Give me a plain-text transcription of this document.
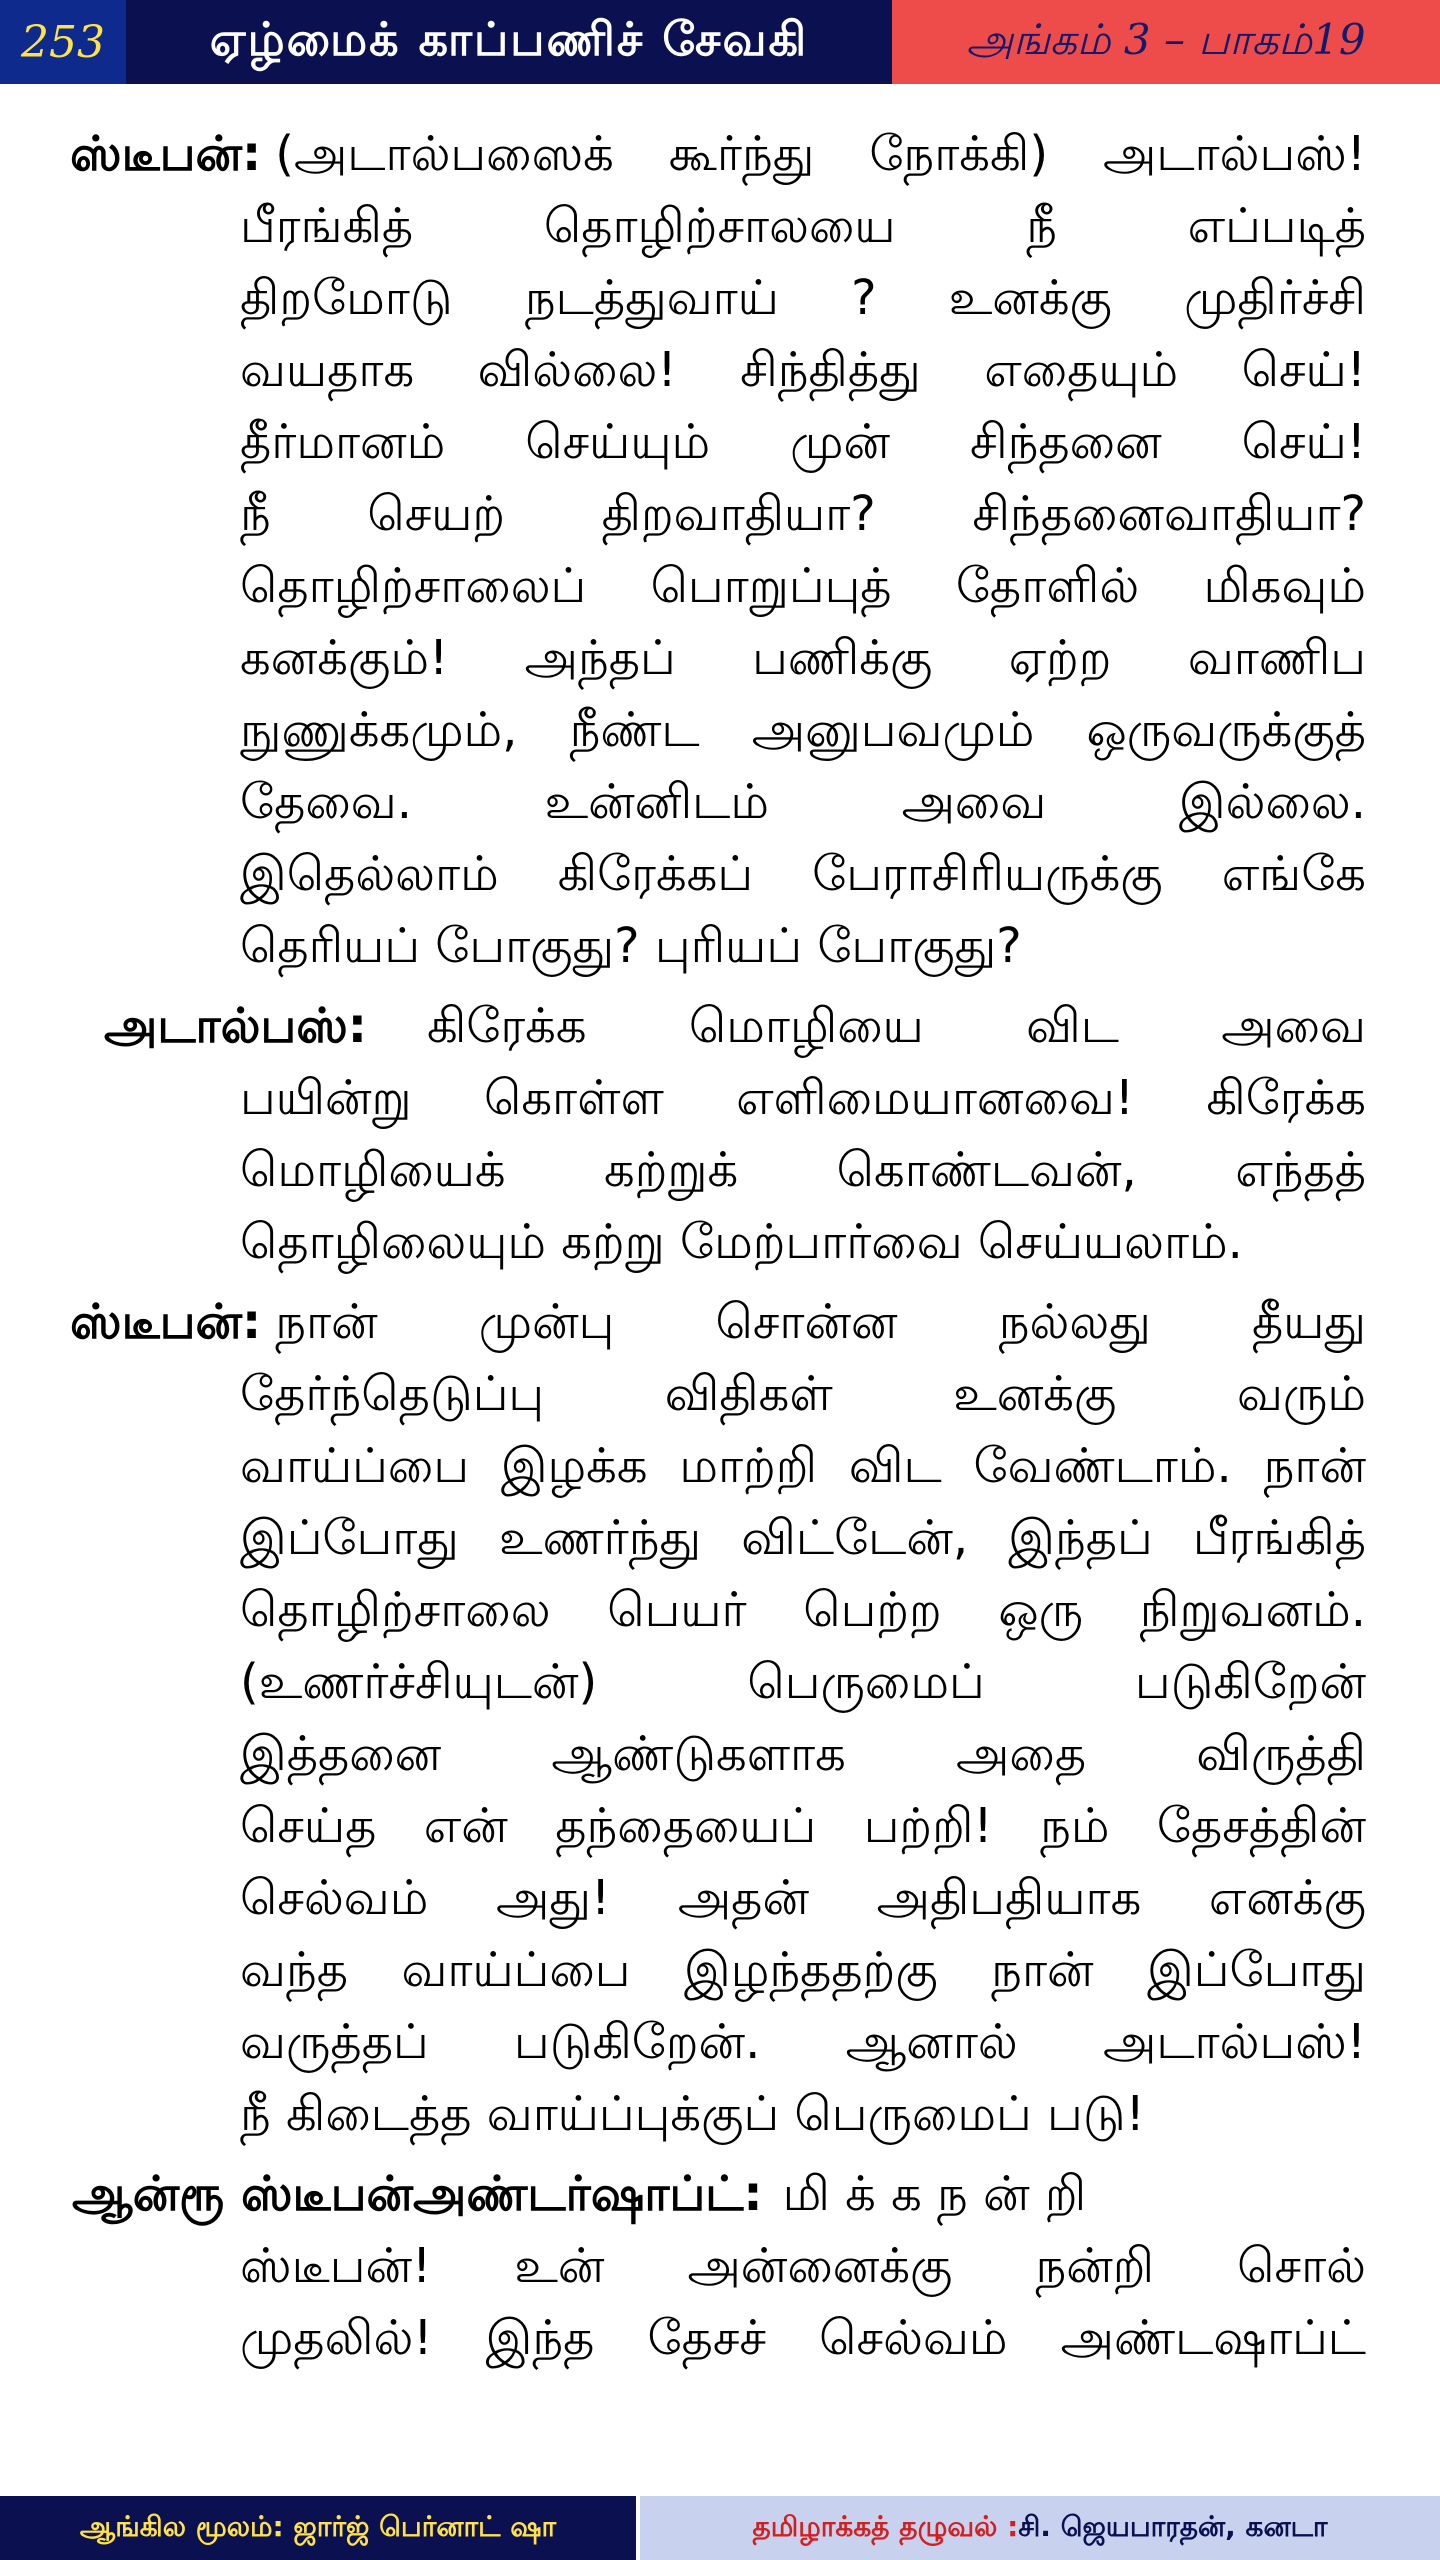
253	ஏழ்மைக் காப்பணிச் சேவகி	அங்கம் 3 – பாகம்19
ஸ்டீபன்: (அடால்பஸைக் கூர்ந்து நோக்கி) அடால்பஸ்!
பீரங்கித் தொழிற்சாலயை நீ எப்படித்
திறமோடு நடத்துவாய் ? உனக்கு முதிர்ச்சி
வயதாக வில்லை! சிந்தித்து எதையும் செய்!
தீர்மானம் செய்யும் முன் சிந்தனை செய்!
நீ செயற் திறவாதியா? சிந்தனைவாதியா?
தொழிற்சாலைப் பொறுப்புத் தோளில் மிகவும்
கனக்கும்! அந்தப் பணிக்கு ஏற்ற வாணிப
நுணுக்கமும், நீண்ட அனுபவமும் ஒருவருக்குத்
தேவை. உன்னிடம் அவை இல்லை.
இதெல்லாம் கிரேக்கப் பேராசிரியருக்கு எங்கே
தெரியப் போகுது? புரியப் போகுது?
அடால்பஸ்: கிரேக்க மொழியை விட அவை
பயின்று கொள்ள எளிமையானவை! கிரேக்க
மொழியைக் கற்றுக் கொண்டவன், எந்தத்
தொழிலையும் கற்று மேற்பார்வை செய்யலாம்.
ஸ்டீபன்: நான் முன்பு சொன்ன நல்லது தீயது
தேர்ந்தெடுப்பு விதிகள் உனக்கு வரும்
வாய்ப்பை இழக்க மாற்றி விட வேண்டாம். நான்
இப்போது உணர்ந்து விட்டேன், இந்தப் பீரங்கித்
தொழிற்சாலை பெயர் பெற்ற ஒரு நிறுவனம்.
(உணர்ச்சியுடன்) பெருமைப் படுகிறேன்
இத்தனை ஆண்டுகளாக அதை விருத்தி
செய்த என் தந்தையைப் பற்றி! நம் தேசத்தின்
செல்வம் அது! அதன் அதிபதியாக எனக்கு
வந்த வாய்ப்பை இழந்ததற்கு நான் இப்போது
வருத்தப் படுகிறேன். ஆனால் அடால்பஸ்!
நீ கிடைத்த வாய்ப்புக்குப் பெருமைப் படு!
ஆன்ரூ ஸ்டீபன்அண்டர்ஷாப்ட்: மி க் க ந ன் றி
ஸ்டீபன்! உன் அன்னைக்கு நன்றி சொல்
முதலில்! இந்த தேசச் செல்வம் அண்டஷாப்ட்
ஆங்கில மூலம்: ஜார்ஜ் பெர்னாட் ஷா	தமிழாக்கத் தழுவல் : சி. ஜெயபாரதன், கனடா
